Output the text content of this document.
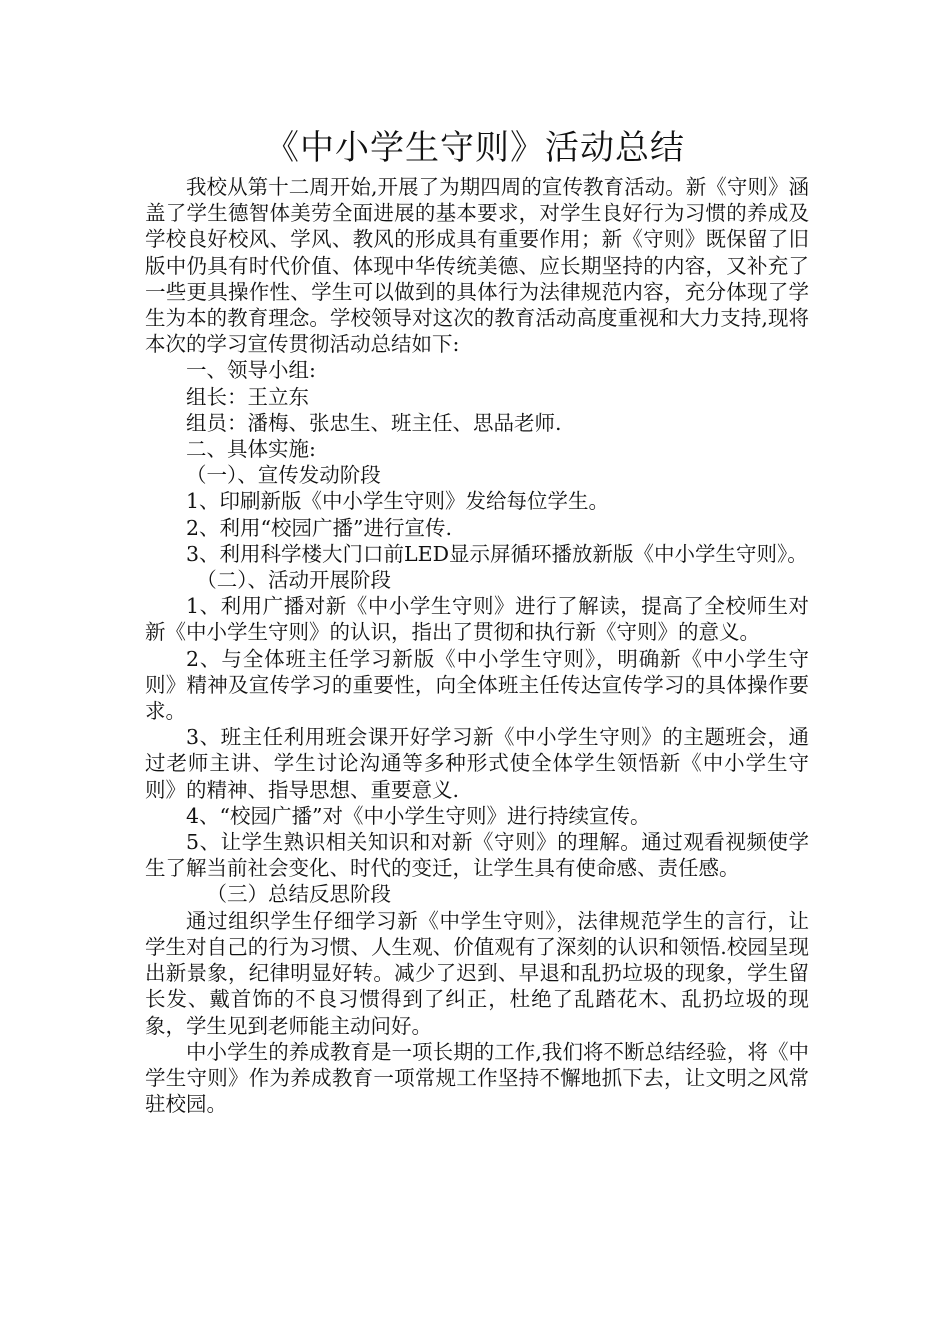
《中小学生守则》活动总结

我校从第十二周开始,开展了为期四周的宣传教育活动。新《守则》涵盖了学生德智体美劳全面进展的基本要求，对学生良好行为习惯的养成及学校良好校风、学风、教风的形成具有重要作用；新《守则》既保留了旧版中仍具有时代价值、体现中华传统美德、应长期坚持的内容，又补充了一些更具操作性、学生可以做到的具体行为法律规范内容，充分体现了学生为本的教育理念。学校领导对这次的教育活动高度重视和大力支持,现将本次的学习宣传贯彻活动总结如下:

一、领导小组:

组长：王立东

组员：潘梅、张忠生、班主任、思品老师.

二、具体实施:

（一）、宣传发动阶段

1、印刷新版《中小学生守则》发给每位学生。

2、利用“校园广播”进行宣传.

3、利用科学楼大门口前LED显示屏循环播放新版《中小学生守则》。

（二）、活动开展阶段

1、利用广播对新《中小学生守则》进行了解读，提高了全校师生对新《中小学生守则》的认识，指出了贯彻和执行新《守则》的意义。

2、与全体班主任学习新版《中小学生守则》，明确新《中小学生守则》精神及宣传学习的重要性，向全体班主任传达宣传学习的具体操作要求。

3、班主任利用班会课开好学习新《中小学生守则》的主题班会，通过老师主讲、学生讨论沟通等多种形式使全体学生领悟新《中小学生守则》的精神、指导思想、重要意义.

4、“校园广播”对《中小学生守则》进行持续宣传。

5、让学生熟识相关知识和对新《守则》的理解。通过观看视频使学生了解当前社会变化、时代的变迁，让学生具有使命感、责任感。

（三）总结反思阶段

通过组织学生仔细学习新《中学生守则》，法律规范学生的言行，让学生对自己的行为习惯、人生观、价值观有了深刻的认识和领悟.校园呈现出新景象，纪律明显好转。减少了迟到、早退和乱扔垃圾的现象，学生留长发、戴首饰的不良习惯得到了纠正，杜绝了乱踏花木、乱扔垃圾的现象，学生见到老师能主动问好。

中小学生的养成教育是一项长期的工作,我们将不断总结经验，将《中学生守则》作为养成教育一项常规工作坚持不懈地抓下去，让文明之风常驻校园。
